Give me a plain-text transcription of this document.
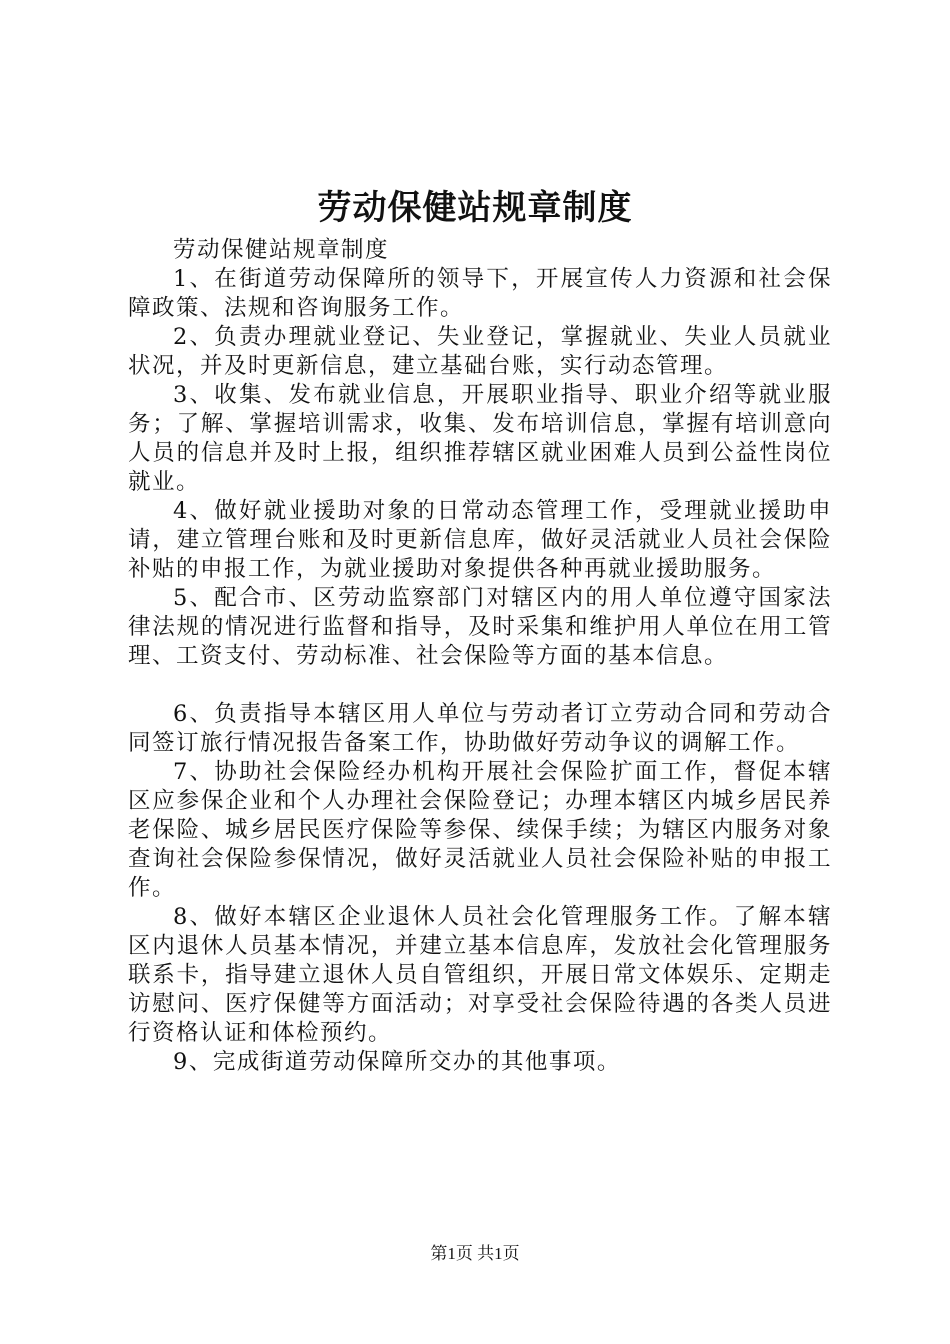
劳动保健站规章制度

劳动保健站规章制度

1、在街道劳动保障所的领导下，开展宣传人力资源和社会保障政策、法规和咨询服务工作。

2、负责办理就业登记、失业登记，掌握就业、失业人员就业状况，并及时更新信息，建立基础台账，实行动态管理。

3、收集、发布就业信息，开展职业指导、职业介绍等就业服务；了解、掌握培训需求，收集、发布培训信息，掌握有培训意向人员的信息并及时上报，组织推荐辖区就业困难人员到公益性岗位就业。

4、做好就业援助对象的日常动态管理工作，受理就业援助申请，建立管理台账和及时更新信息库，做好灵活就业人员社会保险补贴的申报工作，为就业援助对象提供各种再就业援助服务。

5、配合市、区劳动监察部门对辖区内的用人单位遵守国家法律法规的情况进行监督和指导，及时采集和维护用人单位在用工管理、工资支付、劳动标准、社会保险等方面的基本信息。

6、负责指导本辖区用人单位与劳动者订立劳动合同和劳动合同签订旅行情况报告备案工作，协助做好劳动争议的调解工作。

7、协助社会保险经办机构开展社会保险扩面工作，督促本辖区应参保企业和个人办理社会保险登记；办理本辖区内城乡居民养老保险、城乡居民医疗保险等参保、续保手续；为辖区内服务对象查询社会保险参保情况，做好灵活就业人员社会保险补贴的申报工作。

8、做好本辖区企业退休人员社会化管理服务工作。了解本辖区内退休人员基本情况，并建立基本信息库，发放社会化管理服务联系卡，指导建立退休人员自管组织，开展日常文体娱乐、定期走访慰问、医疗保健等方面活动；对享受社会保险待遇的各类人员进行资格认证和体检预约。

9、完成街道劳动保障所交办的其他事项。

第1页 共1页
